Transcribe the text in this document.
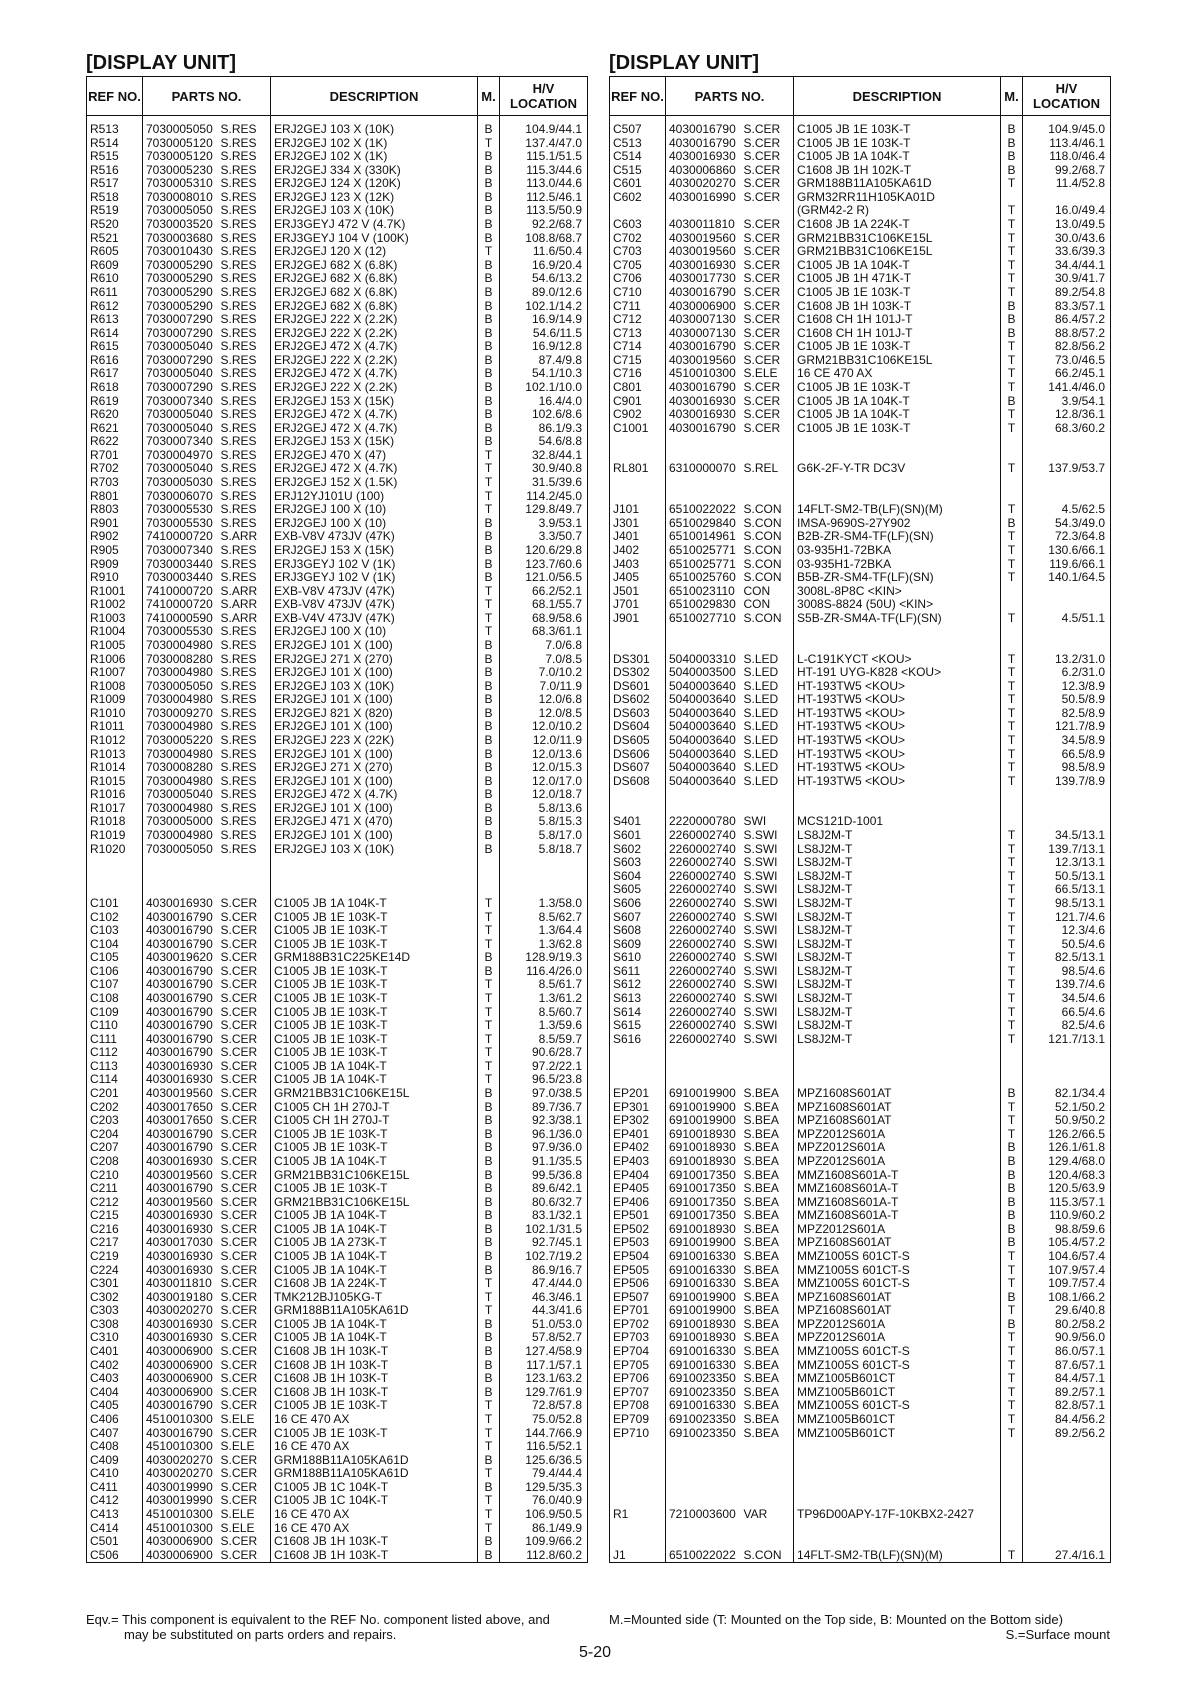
[DISPLAY UNIT]
REF NO.	PARTS NO.		DESCRIPTION	M.	H/V LOCATION
R513	7030005050	S.RES	ERJ2GEJ 103 X (10K)	B	104.9/44.1
R514	7030005120	S.RES	ERJ2GEJ 102 X (1K)	T	137.4/47.0
R515	7030005120	S.RES	ERJ2GEJ 102 X (1K)	B	115.1/51.5
R516	7030005230	S.RES	ERJ2GEJ 334 X (330K)	B	115.3/44.6
R517	7030005310	S.RES	ERJ2GEJ 124 X (120K)	B	113.0/44.6
R518	7030008010	S.RES	ERJ2GEJ 123 X (12K)	B	112.5/46.1
R519	7030005050	S.RES	ERJ2GEJ 103 X (10K)	B	113.5/50.9
R520	7030003520	S.RES	ERJ3GEYJ 472 V (4.7K)	B	92.2/68.7
R521	7030003680	S.RES	ERJ3GEYJ 104 V (100K)	B	108.8/68.7
R605	7030010430	S.RES	ERJ2GEJ 120 X (12)	T	11.6/50.4
R609	7030005290	S.RES	ERJ2GEJ 682 X (6.8K)	B	16.9/20.4
R610	7030005290	S.RES	ERJ2GEJ 682 X (6.8K)	B	54.6/13.2
R611	7030005290	S.RES	ERJ2GEJ 682 X (6.8K)	B	89.0/12.6
R612	7030005290	S.RES	ERJ2GEJ 682 X (6.8K)	B	102.1/14.2
R613	7030007290	S.RES	ERJ2GEJ 222 X (2.2K)	B	16.9/14.9
R614	7030007290	S.RES	ERJ2GEJ 222 X (2.2K)	B	54.6/11.5
R615	7030005040	S.RES	ERJ2GEJ 472 X (4.7K)	B	16.9/12.8
R616	7030007290	S.RES	ERJ2GEJ 222 X (2.2K)	B	87.4/9.8
R617	7030005040	S.RES	ERJ2GEJ 472 X (4.7K)	B	54.1/10.3
R618	7030007290	S.RES	ERJ2GEJ 222 X (2.2K)	B	102.1/10.0
R619	7030007340	S.RES	ERJ2GEJ 153 X (15K)	B	16.4/4.0
R620	7030005040	S.RES	ERJ2GEJ 472 X (4.7K)	B	102.6/8.6
R621	7030005040	S.RES	ERJ2GEJ 472 X (4.7K)	B	86.1/9.3
R622	7030007340	S.RES	ERJ2GEJ 153 X (15K)	B	54.6/8.8
R701	7030004970	S.RES	ERJ2GEJ 470 X (47)	T	32.8/44.1
R702	7030005040	S.RES	ERJ2GEJ 472 X (4.7K)	T	30.9/40.8
R703	7030005030	S.RES	ERJ2GEJ 152 X (1.5K)	T	31.5/39.6
R801	7030006070	S.RES	ERJ12YJ101U (100)	T	114.2/45.0
R803	7030005530	S.RES	ERJ2GEJ 100 X (10)	T	129.8/49.7
R901	7030005530	S.RES	ERJ2GEJ 100 X (10)	B	3.9/53.1
R902	7410000720	S.ARR	EXB-V8V 473JV (47K)	B	3.3/50.7
R905	7030007340	S.RES	ERJ2GEJ 153 X (15K)	B	120.6/29.8
R909	7030003440	S.RES	ERJ3GEYJ 102 V (1K)	B	123.7/60.6
R910	7030003440	S.RES	ERJ3GEYJ 102 V (1K)	B	121.0/56.5
R1001	7410000720	S.ARR	EXB-V8V 473JV (47K)	T	66.2/52.1
R1002	7410000720	S.ARR	EXB-V8V 473JV (47K)	T	68.1/55.7
R1003	7410000590	S.ARR	EXB-V4V 473JV (47K)	T	68.9/58.6
R1004	7030005530	S.RES	ERJ2GEJ 100 X (10)	T	68.3/61.1
R1005	7030004980	S.RES	ERJ2GEJ 101 X (100)	B	7.0/6.8
R1006	7030008280	S.RES	ERJ2GEJ 271 X (270)	B	7.0/8.5
R1007	7030004980	S.RES	ERJ2GEJ 101 X (100)	B	7.0/10.2
R1008	7030005050	S.RES	ERJ2GEJ 103 X (10K)	B	7.0/11.9
R1009	7030004980	S.RES	ERJ2GEJ 101 X (100)	B	12.0/6.8
R1010	7030009270	S.RES	ERJ2GEJ 821 X (820)	B	12.0/8.5
R1011	7030004980	S.RES	ERJ2GEJ 101 X (100)	B	12.0/10.2
R1012	7030005220	S.RES	ERJ2GEJ 223 X (22K)	B	12.0/11.9
R1013	7030004980	S.RES	ERJ2GEJ 101 X (100)	B	12.0/13.6
R1014	7030008280	S.RES	ERJ2GEJ 271 X (270)	B	12.0/15.3
R1015	7030004980	S.RES	ERJ2GEJ 101 X (100)	B	12.0/17.0
R1016	7030005040	S.RES	ERJ2GEJ 472 X (4.7K)	B	12.0/18.7
R1017	7030004980	S.RES	ERJ2GEJ 101 X (100)	B	5.8/13.6
R1018	7030005000	S.RES	ERJ2GEJ 471 X (470)	B	5.8/15.3
R1019	7030004980	S.RES	ERJ2GEJ 101 X (100)	B	5.8/17.0
R1020	7030005050	S.RES	ERJ2GEJ 103 X (10K)	B	5.8/18.7

C101	4030016930	S.CER	C1005 JB 1A 104K-T	T	1.3/58.0
C102	4030016790	S.CER	C1005 JB 1E 103K-T	T	8.5/62.7
C103	4030016790	S.CER	C1005 JB 1E 103K-T	T	1.3/64.4
C104	4030016790	S.CER	C1005 JB 1E 103K-T	T	1.3/62.8
C105	4030019620	S.CER	GRM188B31C225KE14D	B	128.9/19.3
C106	4030016790	S.CER	C1005 JB 1E 103K-T	B	116.4/26.0
C107	4030016790	S.CER	C1005 JB 1E 103K-T	T	8.5/61.7
C108	4030016790	S.CER	C1005 JB 1E 103K-T	T	1.3/61.2
C109	4030016790	S.CER	C1005 JB 1E 103K-T	T	8.5/60.7
C110	4030016790	S.CER	C1005 JB 1E 103K-T	T	1.3/59.6
C111	4030016790	S.CER	C1005 JB 1E 103K-T	T	8.5/59.7
C112	4030016790	S.CER	C1005 JB 1E 103K-T	T	90.6/28.7
C113	4030016930	S.CER	C1005 JB 1A 104K-T	T	97.2/22.1
C114	4030016930	S.CER	C1005 JB 1A 104K-T	T	96.5/23.8
C201	4030019560	S.CER	GRM21BB31C106KE15L	B	97.0/38.5
C202	4030017650	S.CER	C1005 CH 1H 270J-T	B	89.7/36.7
C203	4030017650	S.CER	C1005 CH 1H 270J-T	B	92.3/38.1
C204	4030016790	S.CER	C1005 JB 1E 103K-T	B	96.1/36.0
C207	4030016790	S.CER	C1005 JB 1E 103K-T	B	97.9/36.0
C208	4030016930	S.CER	C1005 JB 1A 104K-T	B	91.1/35.5
C210	4030019560	S.CER	GRM21BB31C106KE15L	B	99.5/36.8
C211	4030016790	S.CER	C1005 JB 1E 103K-T	B	89.6/42.1
C212	4030019560	S.CER	GRM21BB31C106KE15L	B	80.6/32.7
C215	4030016930	S.CER	C1005 JB 1A 104K-T	B	83.1/32.1
C216	4030016930	S.CER	C1005 JB 1A 104K-T	B	102.1/31.5
C217	4030017030	S.CER	C1005 JB 1A 273K-T	B	92.7/45.1
C219	4030016930	S.CER	C1005 JB 1A 104K-T	B	102.7/19.2
C224	4030016930	S.CER	C1005 JB 1A 104K-T	B	86.9/16.7
C301	4030011810	S.CER	C1608 JB 1A 224K-T	T	47.4/44.0
C302	4030019180	S.CER	TMK212BJ105KG-T	T	46.3/46.1
C303	4030020270	S.CER	GRM188B11A105KA61D	T	44.3/41.6
C308	4030016930	S.CER	C1005 JB 1A 104K-T	B	51.0/53.0
C310	4030016930	S.CER	C1005 JB 1A 104K-T	B	57.8/52.7
C401	4030006900	S.CER	C1608 JB 1H 103K-T	B	127.4/58.9
C402	4030006900	S.CER	C1608 JB 1H 103K-T	B	117.1/57.1
C403	4030006900	S.CER	C1608 JB 1H 103K-T	B	123.1/63.2
C404	4030006900	S.CER	C1608 JB 1H 103K-T	B	129.7/61.9
C405	4030016790	S.CER	C1005 JB 1E 103K-T	T	72.8/57.8
C406	4510010300	S.ELE	16 CE 470 AX	T	75.0/52.8
C407	4030016790	S.CER	C1005 JB 1E 103K-T	T	144.7/66.9
C408	4510010300	S.ELE	16 CE 470 AX	T	116.5/52.1
C409	4030020270	S.CER	GRM188B11A105KA61D	B	125.6/36.5
C410	4030020270	S.CER	GRM188B11A105KA61D	T	79.4/44.4
C411	4030019990	S.CER	C1005 JB 1C 104K-T	B	129.5/35.3
C412	4030019990	S.CER	C1005 JB 1C 104K-T	T	76.0/40.9
C413	4510010300	S.ELE	16 CE 470 AX	T	106.9/50.5
C414	4510010300	S.ELE	16 CE 470 AX	T	86.1/49.9
C501	4030006900	S.CER	C1608 JB 1H 103K-T	B	109.9/66.2
C506	4030006900	S.CER	C1608 JB 1H 103K-T	B	112.8/60.2
[DISPLAY UNIT]
REF NO.	PARTS NO.		DESCRIPTION	M.	H/V LOCATION
C507	4030016790	S.CER	C1005 JB 1E 103K-T	B	104.9/45.0
C513	4030016790	S.CER	C1005 JB 1E 103K-T	B	113.4/46.1
C514	4030016930	S.CER	C1005 JB 1A 104K-T	B	118.0/46.4
C515	4030006860	S.CER	C1608 JB 1H 102K-T	B	99.2/68.7
C601	4030020270	S.CER	GRM188B11A105KA61D	T	11.4/52.8
C602	4030016990	S.CER	GRM32RR11H105KA01D		
			(GRM42-2 R)	T	16.0/49.4
C603	4030011810	S.CER	C1608 JB 1A 224K-T	T	13.0/49.5
C702	4030019560	S.CER	GRM21BB31C106KE15L	T	30.0/43.6
C703	4030019560	S.CER	GRM21BB31C106KE15L	T	33.6/39.3
C705	4030016930	S.CER	C1005 JB 1A 104K-T	T	34.4/44.1
C706	4030017730	S.CER	C1005 JB 1H 471K-T	T	30.9/41.7
C710	4030016790	S.CER	C1005 JB 1E 103K-T	T	89.2/54.8
C711	4030006900	S.CER	C1608 JB 1H 103K-T	B	83.3/57.1
C712	4030007130	S.CER	C1608 CH 1H 101J-T	B	86.4/57.2
C713	4030007130	S.CER	C1608 CH 1H 101J-T	B	88.8/57.2
C714	4030016790	S.CER	C1005 JB 1E 103K-T	T	82.8/56.2
C715	4030019560	S.CER	GRM21BB31C106KE15L	T	73.0/46.5
C716	4510010300	S.ELE	16 CE 470 AX	T	66.2/45.1
C801	4030016790	S.CER	C1005 JB 1E 103K-T	T	141.4/46.0
C901	4030016930	S.CER	C1005 JB 1A 104K-T	B	3.9/54.1
C902	4030016930	S.CER	C1005 JB 1A 104K-T	T	12.8/36.1
C1001	4030016790	S.CER	C1005 JB 1E 103K-T	T	68.3/60.2

RL801	6310000070	S.REL	G6K-2F-Y-TR DC3V	T	137.9/53.7

J101	6510022022	S.CON	14FLT-SM2-TB(LF)(SN)(M)	T	4.5/62.5
J301	6510029840	S.CON	IMSA-9690S-27Y902	B	54.3/49.0
J401	6510014961	S.CON	B2B-ZR-SM4-TF(LF)(SN)	T	72.3/64.8
J402	6510025771	S.CON	03-935H1-72BKA	T	130.6/66.1
J403	6510025771	S.CON	03-935H1-72BKA	T	119.6/66.1
J405	6510025760	S.CON	B5B-ZR-SM4-TF(LF)(SN)	T	140.1/64.5
J501	6510023110	CON	3008L-8P8C <KIN>		
J701	6510029830	CON	3008S-8824 (50U) <KIN>		
J901	6510027710	S.CON	S5B-ZR-SM4A-TF(LF)(SN)	T	4.5/51.1

DS301	5040003310	S.LED	L-C191KYCT <KOU>	T	13.2/31.0
DS302	5040003500	S.LED	HT-191 UYG-K828 <KOU>	T	6.2/31.0
DS601	5040003640	S.LED	HT-193TW5 <KOU>	T	12.3/8.9
DS602	5040003640	S.LED	HT-193TW5 <KOU>	T	50.5/8.9
DS603	5040003640	S.LED	HT-193TW5 <KOU>	T	82.5/8.9
DS604	5040003640	S.LED	HT-193TW5 <KOU>	T	121.7/8.9
DS605	5040003640	S.LED	HT-193TW5 <KOU>	T	34.5/8.9
DS606	5040003640	S.LED	HT-193TW5 <KOU>	T	66.5/8.9
DS607	5040003640	S.LED	HT-193TW5 <KOU>	T	98.5/8.9
DS608	5040003640	S.LED	HT-193TW5 <KOU>	T	139.7/8.9

S401	2220000780	SWI	MCS121D-1001		
S601	2260002740	S.SWI	LS8J2M-T	T	34.5/13.1
S602	2260002740	S.SWI	LS8J2M-T	T	139.7/13.1
S603	2260002740	S.SWI	LS8J2M-T	T	12.3/13.1
S604	2260002740	S.SWI	LS8J2M-T	T	50.5/13.1
S605	2260002740	S.SWI	LS8J2M-T	T	66.5/13.1
S606	2260002740	S.SWI	LS8J2M-T	T	98.5/13.1
S607	2260002740	S.SWI	LS8J2M-T	T	121.7/4.6
S608	2260002740	S.SWI	LS8J2M-T	T	12.3/4.6
S609	2260002740	S.SWI	LS8J2M-T	T	50.5/4.6
S610	2260002740	S.SWI	LS8J2M-T	T	82.5/13.1
S611	2260002740	S.SWI	LS8J2M-T	T	98.5/4.6
S612	2260002740	S.SWI	LS8J2M-T	T	139.7/4.6
S613	2260002740	S.SWI	LS8J2M-T	T	34.5/4.6
S614	2260002740	S.SWI	LS8J2M-T	T	66.5/4.6
S615	2260002740	S.SWI	LS8J2M-T	T	82.5/4.6
S616	2260002740	S.SWI	LS8J2M-T	T	121.7/13.1

EP201	6910019900	S.BEA	MPZ1608S601AT	B	82.1/34.4
EP301	6910019900	S.BEA	MPZ1608S601AT	T	52.1/50.2
EP302	6910019900	S.BEA	MPZ1608S601AT	T	50.9/50.2
EP401	6910018930	S.BEA	MPZ2012S601A	T	126.2/66.5
EP402	6910018930	S.BEA	MPZ2012S601A	B	126.1/61.8
EP403	6910018930	S.BEA	MPZ2012S601A	B	129.4/68.0
EP404	6910017350	S.BEA	MMZ1608S601A-T	B	120.4/68.3
EP405	6910017350	S.BEA	MMZ1608S601A-T	B	120.5/63.9
EP406	6910017350	S.BEA	MMZ1608S601A-T	B	115.3/57.1
EP501	6910017350	S.BEA	MMZ1608S601A-T	B	110.9/60.2
EP502	6910018930	S.BEA	MPZ2012S601A	B	98.8/59.6
EP503	6910019900	S.BEA	MPZ1608S601AT	B	105.4/57.2
EP504	6910016330	S.BEA	MMZ1005S 601CT-S	T	104.6/57.4
EP505	6910016330	S.BEA	MMZ1005S 601CT-S	T	107.9/57.4
EP506	6910016330	S.BEA	MMZ1005S 601CT-S	T	109.7/57.4
EP507	6910019900	S.BEA	MPZ1608S601AT	B	108.1/66.2
EP701	6910019900	S.BEA	MPZ1608S601AT	T	29.6/40.8
EP702	6910018930	S.BEA	MPZ2012S601A	B	80.2/58.2
EP703	6910018930	S.BEA	MPZ2012S601A	T	90.9/56.0
EP704	6910016330	S.BEA	MMZ1005S 601CT-S	T	86.0/57.1
EP705	6910016330	S.BEA	MMZ1005S 601CT-S	T	87.6/57.1
EP706	6910023350	S.BEA	MMZ1005B601CT	T	84.4/57.1
EP707	6910023350	S.BEA	MMZ1005B601CT	T	89.2/57.1
EP708	6910016330	S.BEA	MMZ1005S 601CT-S	T	82.8/57.1
EP709	6910023350	S.BEA	MMZ1005B601CT	T	84.4/56.2
EP710	6910023350	S.BEA	MMZ1005B601CT	T	89.2/56.2

R1	7210003600	VAR	TP96D00APY-17F-10KBX2-2427		

J1	6510022022	S.CON	14FLT-SM2-TB(LF)(SN)(M)	T	27.4/16.1
Eqv.= This component is equivalent to the REF No. component listed above, and
may be substituted on parts orders and repairs.
M.=Mounted side (T: Mounted on the Top side, B: Mounted on the Bottom side)
S.=Surface mount
5-20
